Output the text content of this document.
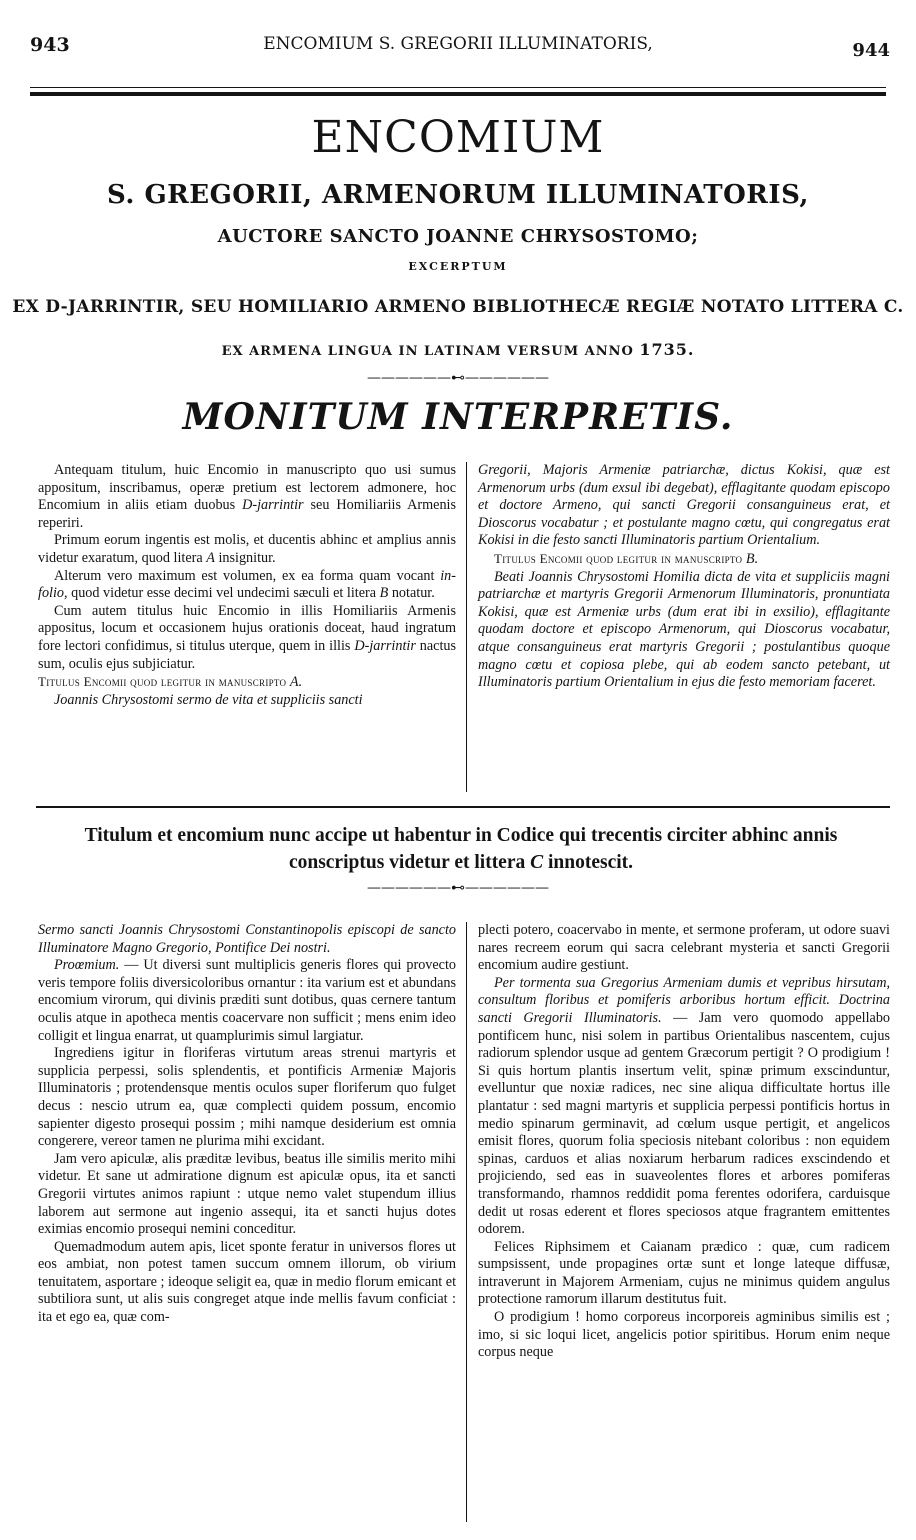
943	ENCOMIUM S. GREGORII ILLUMINATORIS,	944
ENCOMIUM
S. GREGORII, ARMENORUM ILLUMINATORIS,
AUCTORE SANCTO JOANNE CHRYSOSTOMO;
EXCERPTUM
EX D-JARRINTIR, SEU HOMILIARIO ARMENO BIBLIOTHECÆ REGIÆ NOTATO LITTERA C.
EX ARMENA LINGUA IN LATINAM VERSUM ANNO 1735.
——————⊷——————
MONITUM INTERPRETIS.

Antequam titulum, huic Encomio in manuscripto quo usi sumus appositum, inscribamus, operæ pretium est lectorem admonere, hoc Encomium in aliis etiam duobus D-jarrintir seu Homiliariis Armenis reperiri.

Primum eorum ingentis est molis, et ducentis abhinc et amplius annis videtur exaratum, quod litera A insignitur.

Alterum vero maximum est volumen, ex ea forma quam vocant in-folio, quod videtur esse decimi vel undecimi sæculi et litera B notatur.

Cum autem titulus huic Encomio in illis Homiliariis Armenis appositus, locum et occasionem hujus orationis doceat, haud ingratum fore lectori confidimus, si titulus uterque, quem in illis D-jarrintir nactus sum, oculis ejus subjiciatur.

Titulus Encomii quod legitur in manuscripto A.

Joannis Chrysostomi sermo de vita et suppliciis sancti

Gregorii, Majoris Armeniæ patriarchæ, dictus Kokisi, quæ est Armenorum urbs (dum exsul ibi degebat), efflagitante quodam episcopo et doctore Armeno, qui sancti Gregorii consanguineus erat, et Dioscorus vocabatur ; et postulante magno cœtu, qui congregatus erat Kokisi in die festo sancti Illuminatoris partium Orientalium.

Titulus Encomii quod legitur in manuscripto B.

Beati Joannis Chrysostomi Homilia dicta de vita et suppliciis magni patriarchæ et martyris Gregorii Armenorum Illuminatoris, pronuntiata Kokisi, quæ est Armeniæ urbs (dum erat ibi in exsilio), efflagitante quodam doctore et episcopo Armenorum, qui Dioscorus vocabatur, atque consanguineus erat martyris Gregorii ; postulantibus quoque magno cœtu et copiosa plebe, qui ab eodem sancto petebant, ut Illuminatoris partium Orientalium in ejus die festo memoriam faceret.

Titulum et encomium nunc accipe ut habentur in Codice qui trecentis circiter abhinc annis conscriptus videtur et littera C innotescit.
——————⊷——————

Sermo sancti Joannis Chrysostomi Constantinopolis episcopi de sancto Illuminatore Magno Gregorio, Pontifice Dei nostri.

Proœmium. — Ut diversi sunt multiplicis generis flores qui provecto veris tempore foliis diversicoloribus ornantur : ita varium est et abundans encomium virorum, qui divinis præditi sunt dotibus, quas cernere tantum oculis atque in apotheca mentis coacervare non sufficit ; mens enim ideo colligit et lingua enarrat, ut quamplurimis simul largiatur.

Ingrediens igitur in floriferas virtutum areas strenui martyris et supplicia perpessi, solis splendentis, et pontificis Armeniæ Majoris Illuminatoris ; protendensque mentis oculos super floriferum quo fulget decus : nescio utrum ea, quæ complecti quidem possum, encomio sapienter digesto prosequi possim ; mihi namque desiderium est omnia congerere, vereor tamen ne plurima mihi excidant.

Jam vero apiculæ, alis præditæ levibus, beatus ille similis merito mihi videtur. Et sane ut admiratione dignum est apiculæ opus, ita et sancti Gregorii virtutes animos rapiunt : utque nemo valet stupendum illius laborem aut sermone aut ingenio assequi, ita et sancti hujus dotes eximias encomio prosequi nemini conceditur.

Quemadmodum autem apis, licet sponte feratur in universos flores ut eos ambiat, non potest tamen succum omnem illorum, ob virium tenuitatem, asportare ; ideoque seligit ea, quæ in medio florum emicant et subtiliora sunt, ut alis suis congreget atque inde mellis favum conficiat : ita et ego ea, quæ com-

plecti potero, coacervabo in mente, et sermone proferam, ut odore suavi nares recreem eorum qui sacra celebrant mysteria et sancti Gregorii encomium audire gestiunt.

Per tormenta sua Gregorius Armeniam dumis et vepribus hirsutam, consultum floribus et pomiferis arboribus hortum efficit. Doctrina sancti Gregorii Illuminatoris. — Jam vero quomodo appellabo pontificem hunc, nisi solem in partibus Orientalibus nascentem, cujus radiorum splendor usque ad gentem Græcorum pertigit ? O prodigium ! Si quis hortum plantis insertum velit, spinæ primum exscinduntur, evelluntur que noxiæ radices, nec sine aliqua difficultate hortus ille plantatur : sed magni martyris et supplicia perpessi pontificis hortus in medio spinarum germinavit, ad cœlum usque pertigit, et angelicos emisit flores, quorum folia speciosis nitebant coloribus : non equidem spinas, carduos et alias noxiarum herbarum radices exscindendo et projiciendo, sed eas in suaveolentes flores et arbores pomiferas transformando, rhamnos reddidit poma ferentes odorifera, carduisque dedit ut rosas ederent et flores speciosos atque fragrantem emittentes odorem.

Felices Riphsimem et Caianam prædico : quæ, cum radicem sumpsissent, unde propagines ortæ sunt et longe lateque diffusæ, intraverunt in Majorem Armeniam, cujus ne minimus quidem angulus protectione ramorum illarum destitutus fuit.

O prodigium ! homo corporeus incorporeis agminibus similis est ; imo, si sic loqui licet, angelicis potior spiritibus. Horum enim neque corpus neque
